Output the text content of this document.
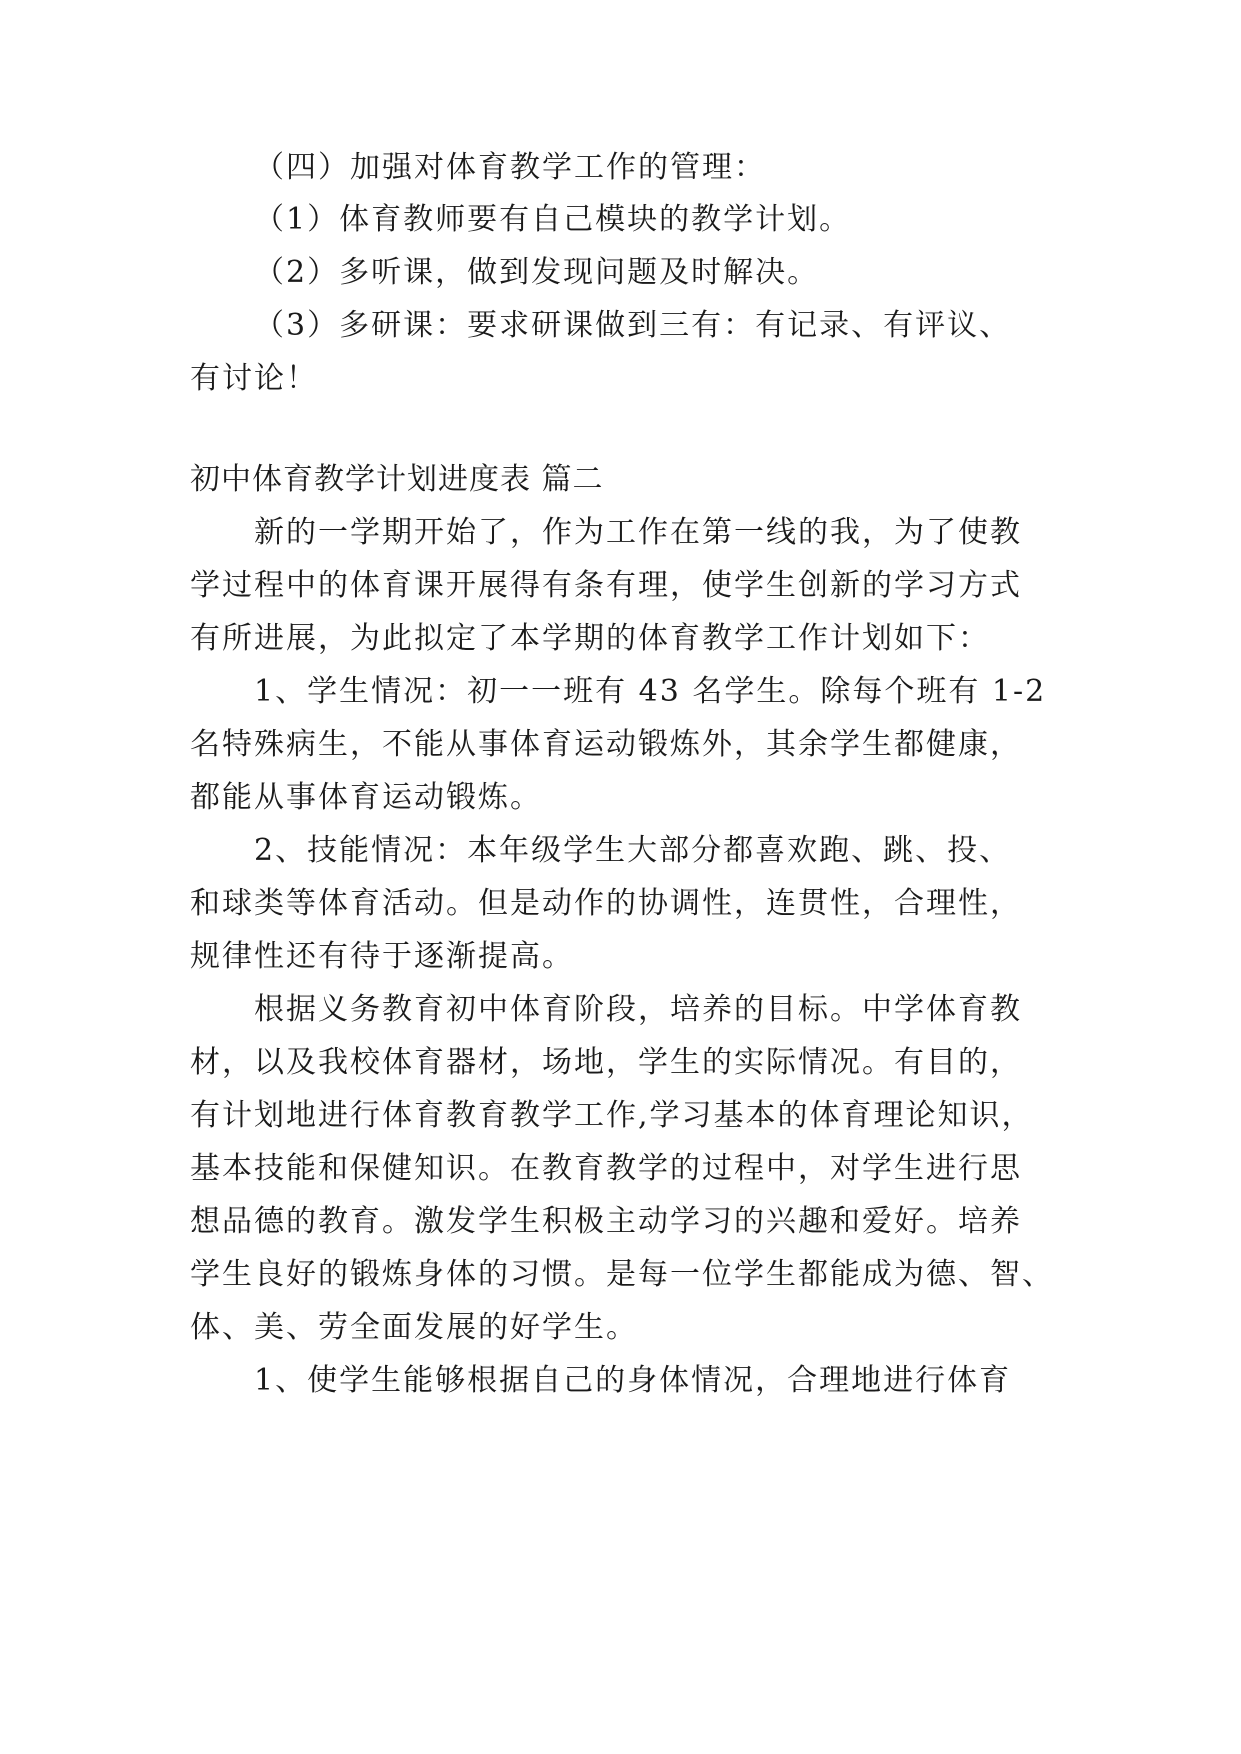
（四）加强对体育教学工作的管理：

（1）体育教师要有自己模块的教学计划。

（2）多听课，做到发现问题及时解决。

（3）多研课：要求研课做到三有：有记录、有评议、

有讨论！

初中体育教学计划进度表 篇二

新的一学期开始了，作为工作在第一线的我，为了使教

学过程中的体育课开展得有条有理，使学生创新的学习方式

有所进展，为此拟定了本学期的体育教学工作计划如下：

1、学生情况：初一一班有 43 名学生。除每个班有 1-2

名特殊病生，不能从事体育运动锻炼外，其余学生都健康，

都能从事体育运动锻炼。

2、技能情况：本年级学生大部分都喜欢跑、跳、投、

和球类等体育活动。但是动作的协调性，连贯性，合理性，

规律性还有待于逐渐提高。

根据义务教育初中体育阶段，培养的目标。中学体育教

材，以及我校体育器材，场地，学生的实际情况。有目的，

有计划地进行体育教育教学工作,学习基本的体育理论知识，

基本技能和保健知识。在教育教学的过程中，对学生进行思

想品德的教育。激发学生积极主动学习的兴趣和爱好。培养

学生良好的锻炼身体的习惯。是每一位学生都能成为德、智、

体、美、劳全面发展的好学生。

1、使学生能够根据自己的身体情况，合理地进行体育
